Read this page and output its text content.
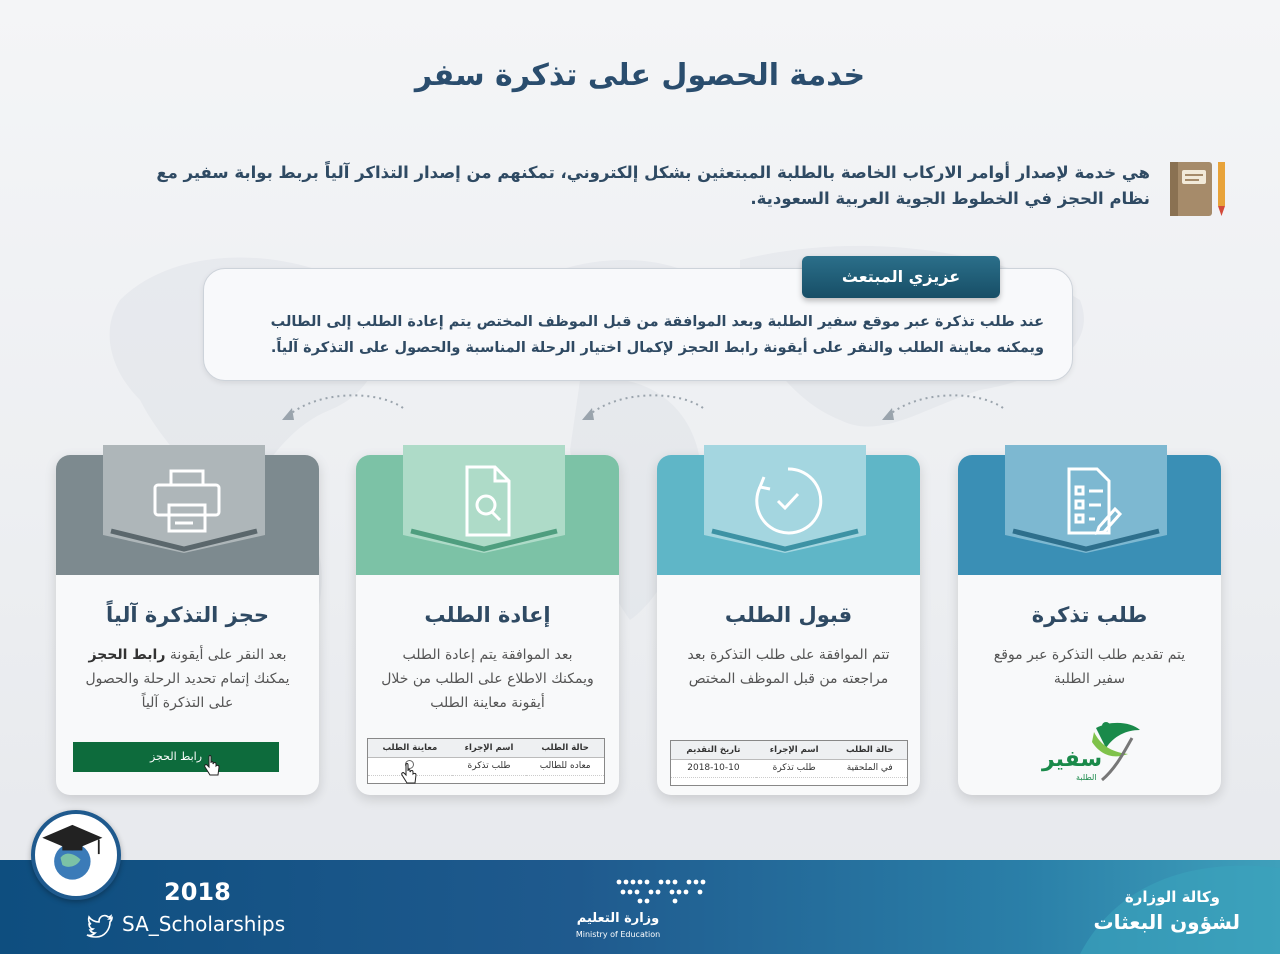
خدمة الحصول على تذكرة سفر

هي خدمة لإصدار أوامر الاركاب الخاصة بالطلبة المبتعثين بشكل إلكتروني، تمكنهم من إصدار التذاكر آلياً بربط بوابة سفير مع نظام الحجز في الخطوط الجوية العربية السعودية.

عند طلب تذكرة عبر موقع سفير الطلبة وبعد الموافقة من قبل الموظف المختص يتم إعادة الطلب إلى الطالب ويمكنه معاينة الطلب والنقر على أيقونة رابط الحجز لإكمال اختيار الرحلة المناسبة والحصول على التذكرة آلياً.

عزيزي المبتعث
طلب تذكرة
يتم تقديم طلب التذكرة عبر موقع سفير الطلبة
سفير
الطلبة
قبول الطلب
تتم الموافقة على طلب التذكرة بعد مراجعته من قبل الموظف المختص
حالة الطلب	اسم الإجراء	تاريخ التقديم
في الملحقية	طلب تذكرة	2018-10-10
إعادة الطلب
بعد الموافقة يتم إعادة الطلب ويمكنك الاطلاع على الطلب من خلال أيقونة معاينة الطلب
حالة الطلب	اسم الإجراء	معاينة الطلب
معاده للطالب	طلب تذكرة	
حجز التذكرة آلياً
بعد النقر على أيقونة رابط الحجز يمكنك إتمام تحديد الرحلة والحصول على التذكرة آلياً
رابط الحجز
2018
SA_Scholarships	وزارة التعليم
Ministry of Education
وكالة الوزارة
لشؤون البعثات
